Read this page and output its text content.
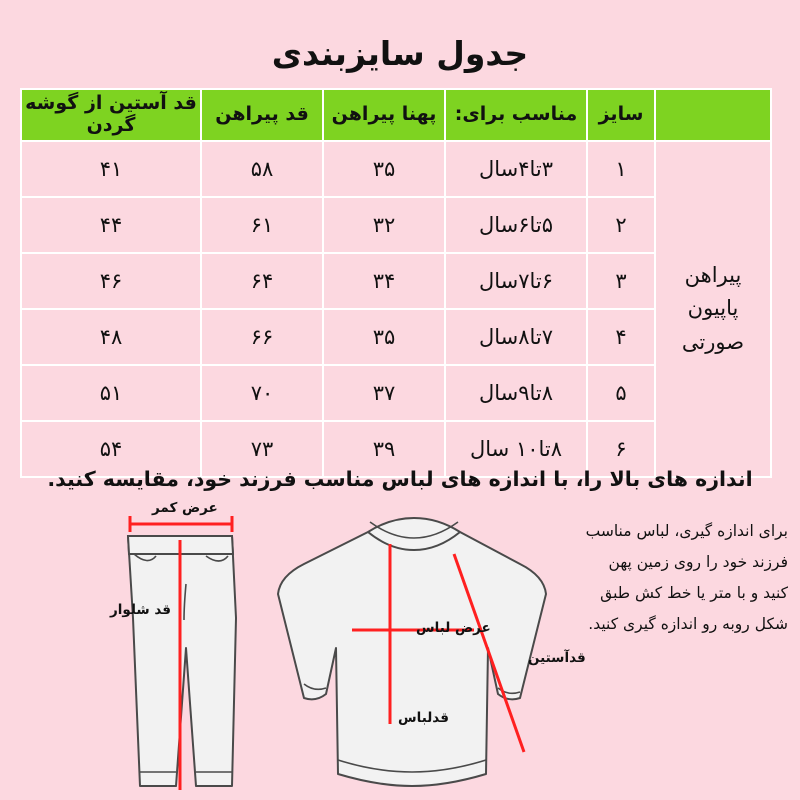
جدول سایزبندی
	سایز	مناسب برای:	پهنا پیراهن	قد پیراهن	قد آستین از گوشه گردن
پیراهن پاپیون صورتی	۱	۳تا۴سال	۳۵	۵۸	۴۱
	۲	۵تا۶سال	۳۲	۶۱	۴۴
	۳	۶تا۷سال	۳۴	۶۴	۴۶
	۴	۷تا۸سال	۳۵	۶۶	۴۸
	۵	۸تا۹سال	۳۷	۷۰	۵۱
	۶	۸تا۱۰ سال	۳۹	۷۳	۵۴
اندازه های بالا را، با اندازه های لباس مناسب فرزند خود، مقایسه کنید.
برای اندازه گیری، لباس مناسب
فرزند خود را روی زمین پهن
کنید و با متر یا خط کش طبق
شکل روبه رو اندازه گیری کنید.
عرض کمر
قد شلوار
عرض لباس
قدلباس
قدآستین
